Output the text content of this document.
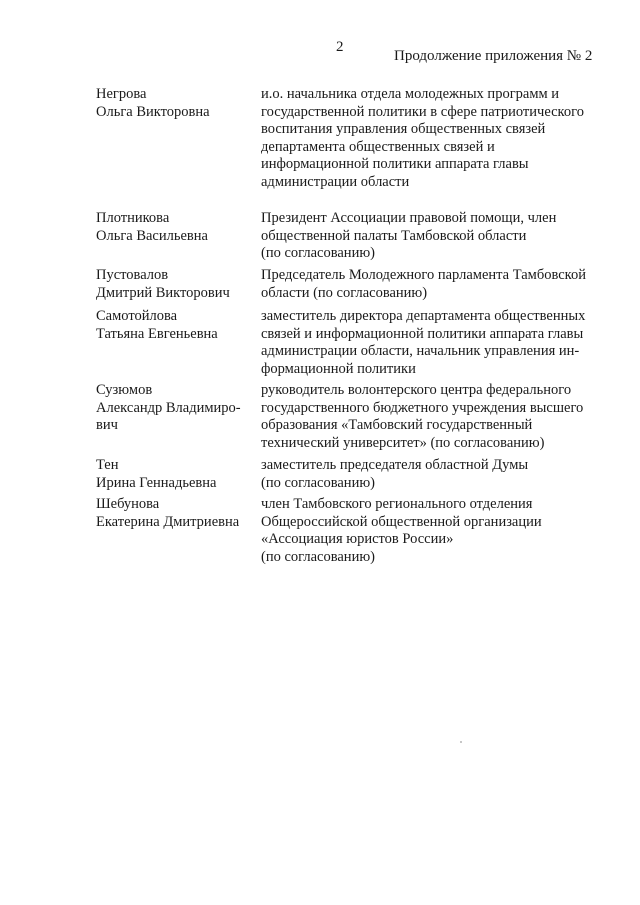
2
Продолжение приложения № 2
Негрова
Ольга Викторовна
и.о. начальника отдела молодежных программ и
государственной политики в сфере патриотического
воспитания управления общественных связей
департамента общественных связей и
информационной политики аппарата главы
администрации области
Плотникова
Ольга Васильевна
Президент Ассоциации правовой помощи, член
общественной палаты Тамбовской области
(по согласованию)
Пустовалов
Дмитрий Викторович
Председатель Молодежного парламента Тамбовской
области (по согласованию)
Самотойлова
Татьяна Евгеньевна
заместитель директора департамента общественных
связей и информационной политики аппарата главы
администрации области, начальник управления ин-
формационной политики
Сузюмов
Александр Владимиро-
вич
руководитель волонтерского центра федерального
государственного бюджетного учреждения высшего
образования «Тамбовский государственный
технический университет» (по согласованию)
Тен
Ирина Геннадьевна
заместитель председателя областной Думы
(по согласованию)
Шебунова
Екатерина Дмитриевна
член Тамбовского регионального отделения
Общероссийской общественной организации
«Ассоциация юристов России»
(по согласованию)
